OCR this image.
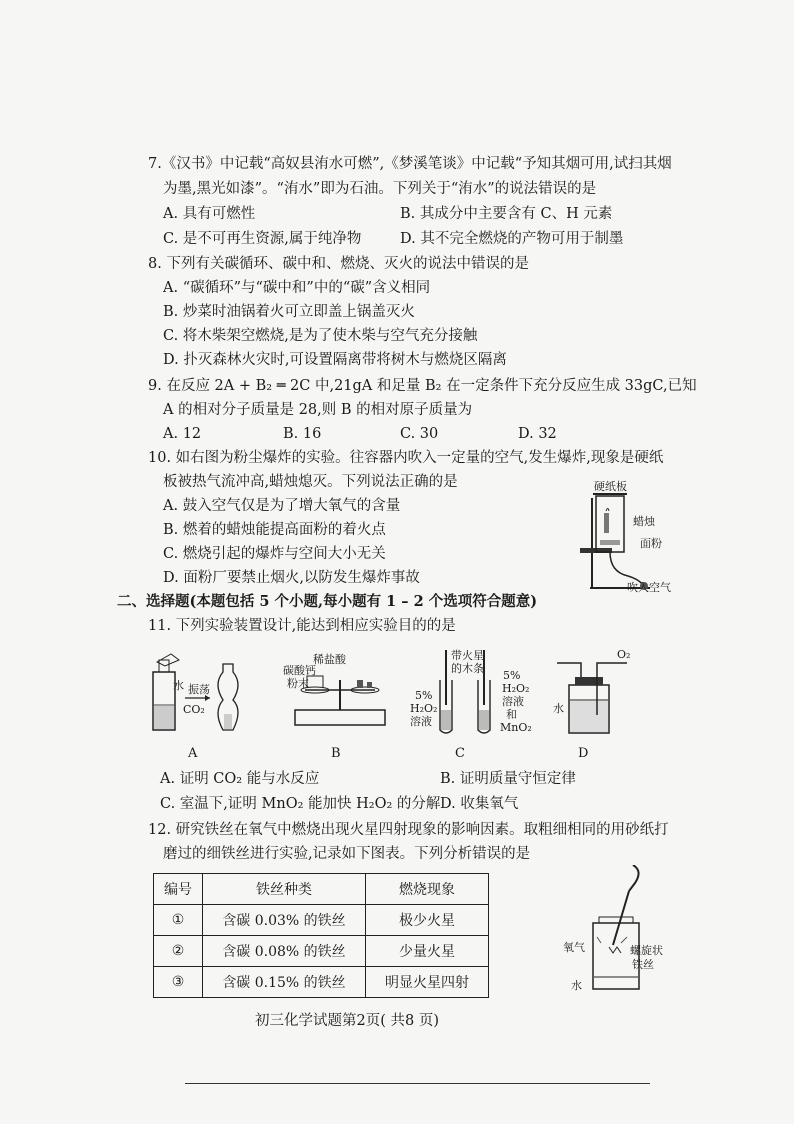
7.《汉书》中记载“高奴县洧水可燃”,《梦溪笔谈》中记载“予知其烟可用,试扫其烟
为墨,黑光如漆”。“洧水”即为石油。下列关于“洧水”的说法错误的是
A. 具有可燃性	B. 其成分中主要含有 C、H 元素
C. 是不可再生资源,属于纯净物	D. 其不完全燃烧的产物可用于制墨
8. 下列有关碳循环、碳中和、燃烧、灭火的说法中错误的是
A. “碳循环”与“碳中和”中的“碳”含义相同
B. 炒菜时油锅着火可立即盖上锅盖灭火
C. 将木柴架空燃烧,是为了使木柴与空气充分接触
D. 扑灭森林火灾时,可设置隔离带将树木与燃烧区隔离
9. 在反应 2A + B₂ ═ 2C 中,21gA 和足量 B₂ 在一定条件下充分反应生成 33gC,已知
A 的相对分子质量是 28,则 B 的相对原子质量为
A. 12	B. 16	C. 30	D. 32
10. 如右图为粉尘爆炸的实验。往容器内吹入一定量的空气,发生爆炸,现象是硬纸
板被热气流冲高,蜡烛熄灭。下列说法正确的是
A. 鼓入空气仅是为了增大氧气的含量
B. 燃着的蜡烛能提高面粉的着火点
C. 燃烧引起的爆炸与空间大小无关
D. 面粉厂要禁止烟火,以防发生爆炸事故
硬纸板
蜡烛
面粉
吹入空气
二、选择题(本题包括 5 个小题,每小题有 1 – 2 个选项符合题意)
11. 下列实验装置设计,能达到相应实验目的的是
水 振荡
CO₂
稀盐酸
碳酸钙
粉末
带火星
的木条
5%
H₂O₂
溶液
5%
H₂O₂
溶液
和
MnO₂
O₂
水
A	B	C	D
A. 证明 CO₂ 能与水反应	B. 证明质量守恒定律
C. 室温下,证明 MnO₂ 能加快 H₂O₂ 的分解 D. 收集氧气
12. 研究铁丝在氧气中燃烧出现火星四射现象的影响因素。取粗细相同的用砂纸打
磨过的细铁丝进行实验,记录如下图表。下列分析错误的是
编号	铁丝种类	燃烧现象
①	含碳 0.03% 的铁丝	极少火星
②	含碳 0.08% 的铁丝	少量火星
③	含碳 0.15% 的铁丝	明显火星四射
氧气	螺旋状
铁丝
水
初三化学试题第2页( 共8 页)
